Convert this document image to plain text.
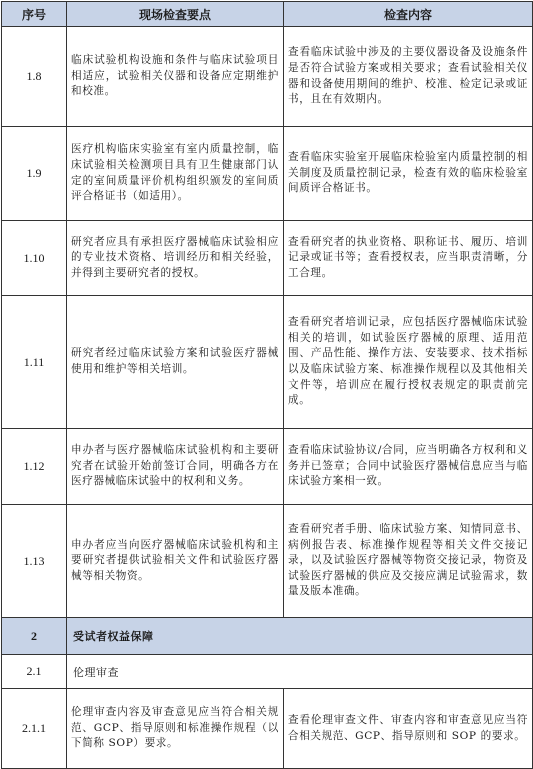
序号	现场检查要点	检查内容
1.8	临床试验机构设施和条件与临床试验项目相适应，试验相关仪器和设备应定期维护和校准。	查看临床试验中涉及的主要仪器设备及设施条件是否符合试验方案或相关要求；查看试验相关仪器和设备使用期间的维护、校准、检定记录或证书，且在有效期内。
1.9	医疗机构临床实验室有室内质量控制，临床试验相关检测项目具有卫生健康部门认定的室间质量评价机构组织颁发的室间质评合格证书（如适用）。	查看临床实验室开展临床检验室内质量控制的相关制度及质量控制记录，检查有效的临床检验室间质评合格证书。
1.10	研究者应具有承担医疗器械临床试验相应的专业技术资格、培训经历和相关经验，并得到主要研究者的授权。	查看研究者的执业资格、职称证书、履历、培训记录或证书等；查看授权表，应当职责清晰，分工合理。
1.11	研究者经过临床试验方案和试验医疗器械使用和维护等相关培训。	查看研究者培训记录，应包括医疗器械临床试验相关的培训，如试验医疗器械的原理、适用范围、产品性能、操作方法、安装要求、技术指标以及临床试验方案、标准操作规程以及其他相关文件等，培训应在履行授权表规定的职责前完成。
1.12	申办者与医疗器械临床试验机构和主要研究者在试验开始前签订合同，明确各方在医疗器械临床试验中的权利和义务。	查看临床试验协议/合同，应当明确各方权利和义务并已签章；合同中试验医疗器械信息应当与临床试验方案相一致。
1.13	申办者应当向医疗器械临床试验机构和主要研究者提供试验相关文件和试验医疗器械等相关物资。	查看研究者手册、临床试验方案、知情同意书、病例报告表、标准操作规程等相关文件交接记录，以及试验医疗器械等物资交接记录，物资及试验医疗器械的供应及交接应满足试验需求，数量及版本准确。
2	受试者权益保障	
2.1	伦理审查	
2.1.1	伦理审查内容及审查意见应当符合相关规范、GCP、指导原则和标准操作规程（以下简称 SOP）要求。	查看伦理审查文件、审查内容和审查意见应当符合相关规范、GCP、指导原则和 SOP 的要求。
